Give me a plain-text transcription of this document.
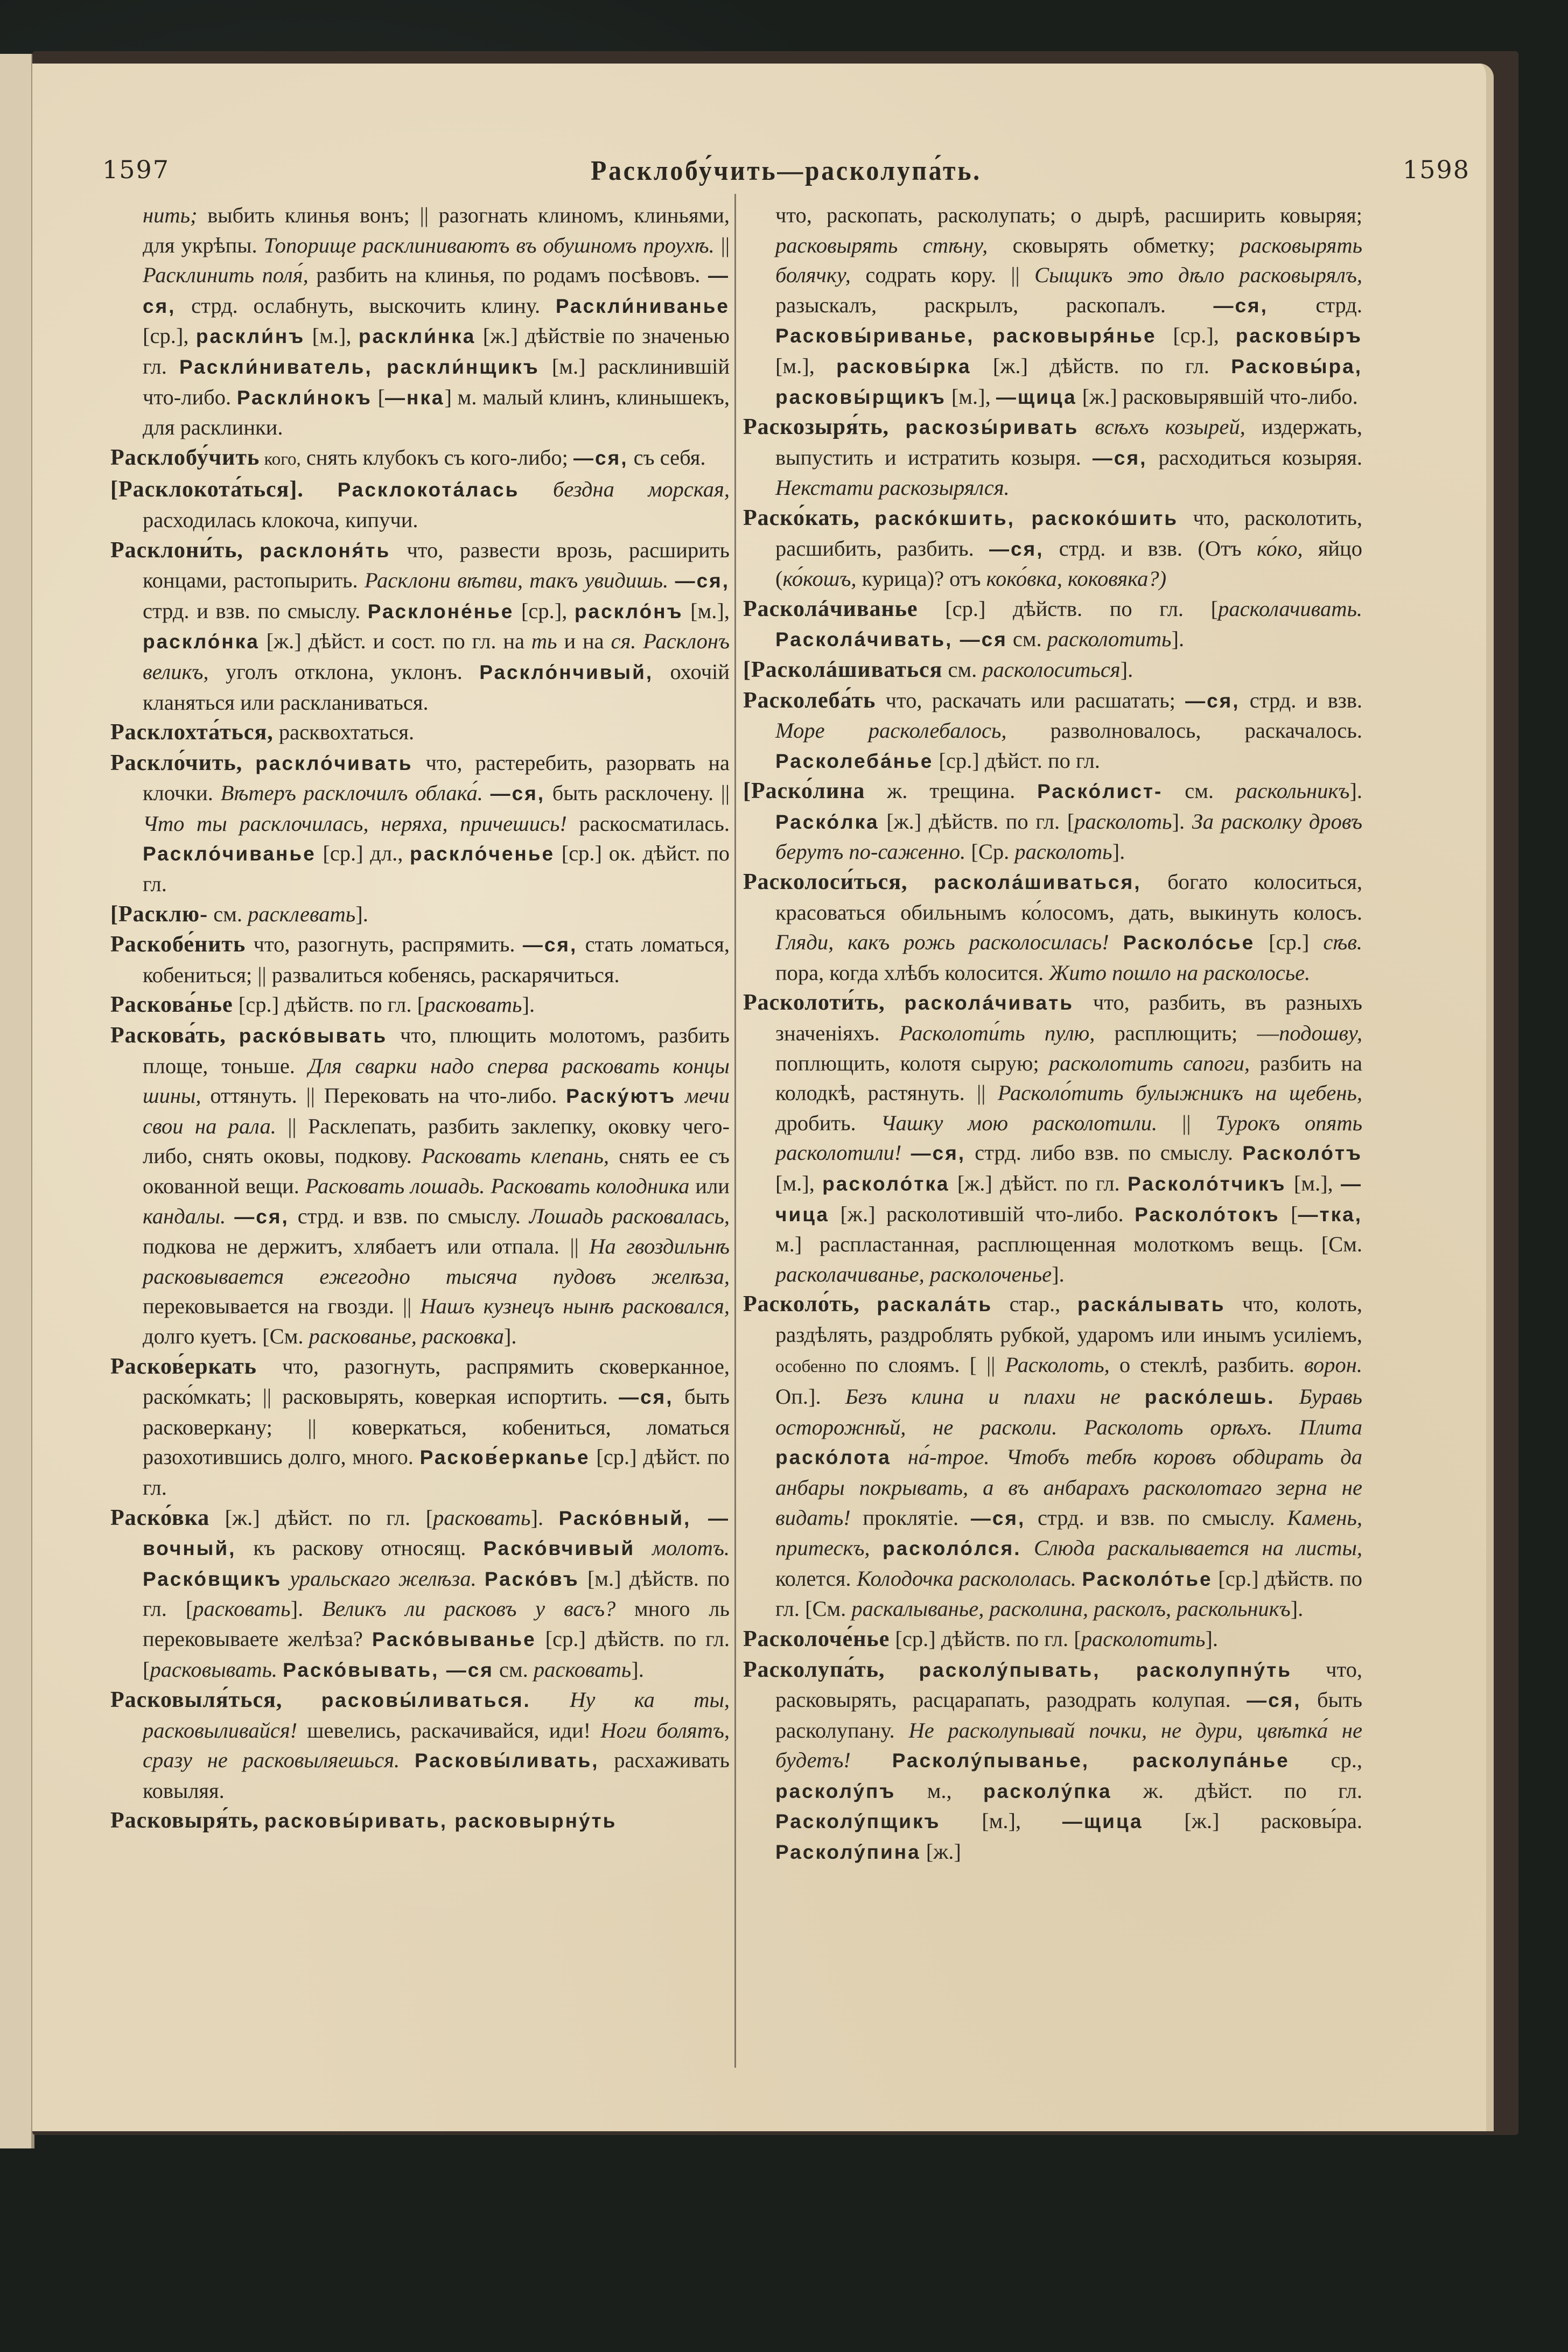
1597	Расклобу́чить—расколупа́ть.	1598

нить; выбить клинья вонъ; || разогнать клиномъ, клиньями, для укрѣпы. Топорище расклиниваютъ въ обушномъ проухѣ. || Расклинить поля́, разбить на клинья, по родамъ посѣвовъ. —ся, стрд. ослабнуть, выскочить клину. Раскли́ниванье [ср.], раскли́нъ [м.], раскли́нка [ж.] дѣйствіе по значенью гл. Раскли́ниватель, раскли́нщикъ [м.] расклинившій что-либо. Раскли́нокъ [—нка] м. малый клинъ, клинышекъ, для расклинки.

Расклобу́чить кого, снять клубокъ съ кого-либо; —ся, съ себя.

[Расклокота́ться]. Расклокота́лась бездна морская, расходилась клокоча, кипучи.

Расклони́ть, расклоня́ть что, развести врозь, расширить концами, растопырить. Расклони вѣтви, такъ увидишь. —ся, стрд. и взв. по смыслу. Расклоне́нье [ср.], раскло́нъ [м.], раскло́нка [ж.] дѣйст. и сост. по гл. на ть и на ся. Расклонъ великъ, уголъ отклона, уклонъ. Раскло́нчивый, охочій кланяться или раскланиваться.

Расклохта́ться, расквохтаться.

Раскло́чить, раскло́чивать что, растеребить, разорвать на клочки. Вѣтеръ расклочилъ облака́. —ся, быть расклочену. || Что ты расклочилась, неряха, причешись! раскосматилась. Раскло́чиванье [ср.] дл., раскло́ченье [ср.] ок. дѣйст. по гл.

[Расклю- см. расклевать].

Раскобе́нить что, разогнуть, распрямить. —ся, стать ломаться, кобениться; || развалиться кобенясь, раскарячиться.

Раскова́нье [ср.] дѣйств. по гл. [расковать].

Раскова́ть, раско́вывать что, плющить молотомъ, разбить площе, тоньше. Для сварки надо сперва расковать концы шины, оттянуть. || Перековать на что-либо. Раску́ютъ мечи свои на рала. || Расклепать, разбить заклепку, оковку чего-либо, снять оковы, подкову. Расковать клепань, снять ее съ окованной вещи. Расковать лошадь. Расковать колодника или кандалы. —ся, стрд. и взв. по смыслу. Лошадь расковалась, подкова не держитъ, хлябаетъ или отпала. || На гвоздильнѣ расковывается ежегодно тысяча пудовъ желѣза, перековывается на гвозди. || Нашъ кузнецъ нынѣ расковался, долго куетъ. [См. раскованье, расковка].

Расков́еркать что, разогнуть, распрямить сковерканное, раско́мкать; || расковырять, коверкая испортить. —ся, быть расковеркану; || коверкаться, кобениться, ломаться разохотившись долго, много. Расков́еркanье [ср.] дѣйст. по гл.

Раско́вка [ж.] дѣйст. по гл. [расковать]. Раско́вный, —вочный, къ раскову относящ. Раско́вчивый молотъ. Раско́вщикъ уральскаго желѣза. Раско́въ [м.] дѣйств. по гл. [расковать]. Великъ ли расковъ у васъ? много ль перековываете желѣза? Раско́выванье [ср.] дѣйств. по гл. [расковывать. Раско́вывать, —ся см. расковать].

Расковыля́ться, расковы́ливаться. Ну ка ты, расковыливайся! шевелись, раскачивайся, иди! Ноги болятъ, сразу не расковыляешься. Расковы́ливать, расхаживать ковыляя.

Расковыря́ть, расковы́ривать, расковырну́ть

что, раскопать, расколупать; о дырѣ, расширить ковыряя; расковырять стѣну, сковырять обметку; расковырять болячку, содрать кору. || Сыщикъ это дѣло расковырялъ, разыскалъ, раскрылъ, раскопалъ. —ся, стрд. Расковы́риванье, расковыря́нье [ср.], расковы́ръ [м.], расковы́рка [ж.] дѣйств. по гл. Расковы́ра, расковы́рщикъ [м.], —щица [ж.] расковырявшій что-либо.

Раскозыря́ть, раскозы́ривать всѣхъ козырей, издержать, выпустить и истратить козыря. —ся, расходиться козыряя. Некстати раскозырялся.

Раско́кать, раско́кшить, раскоко́шить что, расколотить, расшибить, разбить. —ся, стрд. и взв. (Отъ ко́ко, яйцо (ко́кошъ, курица)? отъ коко́вка, коковяка?)

Расколáчиванье [ср.] дѣйств. по гл. [расколачивать. Расколáчивать, —ся см. расколотить].

[Расколáшиваться см. расколоситься].

Расколеба́ть что, раскачать или расшатать; —ся, стрд. и взв. Море расколебалось, разволновалось, раскачалось. Расколеба́нье [ср.] дѣйст. по гл.

[Раско́лина ж. трещина. Раско́лист- см. раскольникъ]. Раско́лка [ж.] дѣйств. по гл. [расколоть]. За расколку дровъ берутъ по-саженно. [Ср. расколоть].

Расколоси́ться, раскола́шиваться, богато колоситься, красоваться обильнымъ ко́лосомъ, дать, выкинуть колосъ. Гляди, какъ рожь расколосилась! Расколо́сье [ср.] сѣв. пора, когда хлѣбъ колосится. Жито пошло на расколосье.

Расколоти́ть, расколáчивать что, разбить, въ разныхъ значеніяхъ. Расколоти́ть пулю, расплющить; —подошву, поплющить, колотя сырую; расколотить сапоги, разбить на колодкѣ, растянуть. || Расколо́тить булыжникъ на щебень, дробить. Чашку мою расколотили. || Турокъ опять расколотили! —ся, стрд. либо взв. по смыслу. Расколо́тъ [м.], расколо́тка [ж.] дѣйст. по гл. Расколо́тчикъ [м.], —чица [ж.] расколотившій что-либо. Расколо́токъ [—тка, м.] распластанная, расплющенная молоткомъ вещь. [См. расколачиванье, расколоченье].

Расколо́ть, раскала́ть стар., раска́лывать что, колоть, раздѣлять, раздроблять рубкой, ударомъ или инымъ усиліемъ, особенно по слоямъ. [ || Расколоть, о стеклѣ, разбить. ворон. Оп.]. Безъ клина и плахи не раско́лешь. Буравь осторожнѣй, не расколи. Расколоть орѣхъ. Плита раско́лота на́-трое. Чтобъ тебѣ коровъ обдирать да анбары покрывать, а въ анбарахъ расколотаго зерна не видать! проклятіе. —ся, стрд. и взв. по смыслу. Камень, притескъ, расколо́лся. Слюда раскалывается на листы, колется. Колодочка раскололась. Расколо́тье [ср.] дѣйств. по гл. [См. раскалыванье, расколина, расколъ, раскольникъ].

Расколоче́нье [ср.] дѣйств. по гл. [расколотить].

Расколупа́ть, расколу́пывать, расколупну́ть что, расковырять, расцарапать, разодрать колупая. —ся, быть расколупану. Не расколупывай почки, не дури, цвѣтка́ не будетъ! Расколу́пыванье, расколупа́нье ср., расколу́пъ м., расколу́пка ж. дѣйст. по гл. Расколу́пщикъ [м.], —щица [ж.] расковы́ра. Расколу́пина [ж.]
